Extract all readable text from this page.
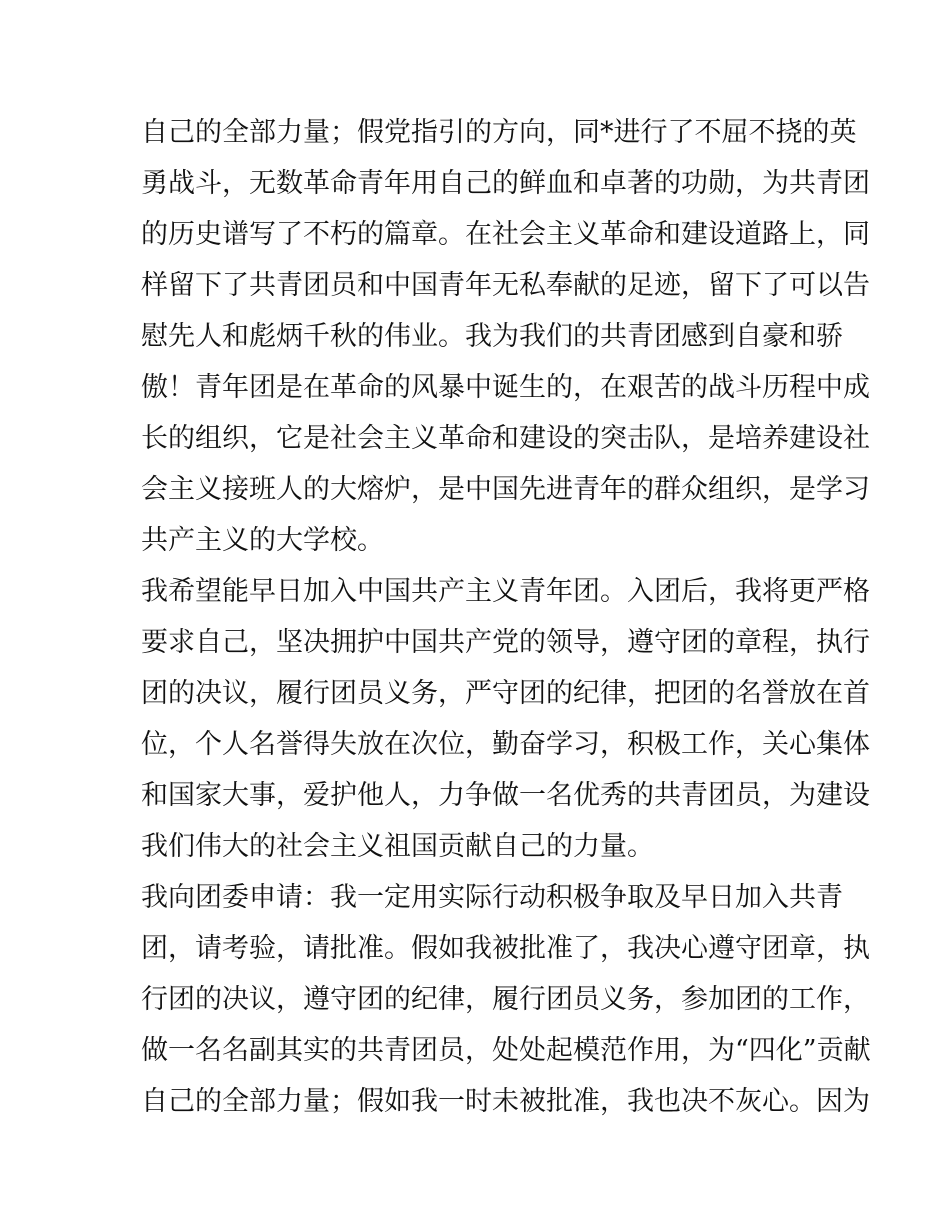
自己的全部力量；假党指引的方向，同*进行了不屈不挠的英
勇战斗，无数革命青年用自己的鲜血和卓著的功勋，为共青团
的历史谱写了不朽的篇章。在社会主义革命和建设道路上，同
样留下了共青团员和中国青年无私奉献的足迹，留下了可以告
慰先人和彪炳千秋的伟业。我为我们的共青团感到自豪和骄
傲！青年团是在革命的风暴中诞生的，在艰苦的战斗历程中成
长的组织，它是社会主义革命和建设的突击队，是培养建设社
会主义接班人的大熔炉，是中国先进青年的群众组织，是学习
共产主义的大学校。
我希望能早日加入中国共产主义青年团。入团后，我将更严格
要求自己，坚决拥护中国共产党的领导，遵守团的章程，执行
团的决议，履行团员义务，严守团的纪律，把团的名誉放在首
位，个人名誉得失放在次位，勤奋学习，积极工作，关心集体
和国家大事，爱护他人，力争做一名优秀的共青团员，为建设
我们伟大的社会主义祖国贡献自己的力量。
我向团委申请：我一定用实际行动积极争取及早日加入共青
团，请考验，请批准。假如我被批准了，我决心遵守团章，执
行团的决议，遵守团的纪律，履行团员义务，参加团的工作，
做一名名副其实的共青团员，处处起模范作用，为“四化”贡献
自己的全部力量；假如我一时未被批准，我也决不灰心。因为
